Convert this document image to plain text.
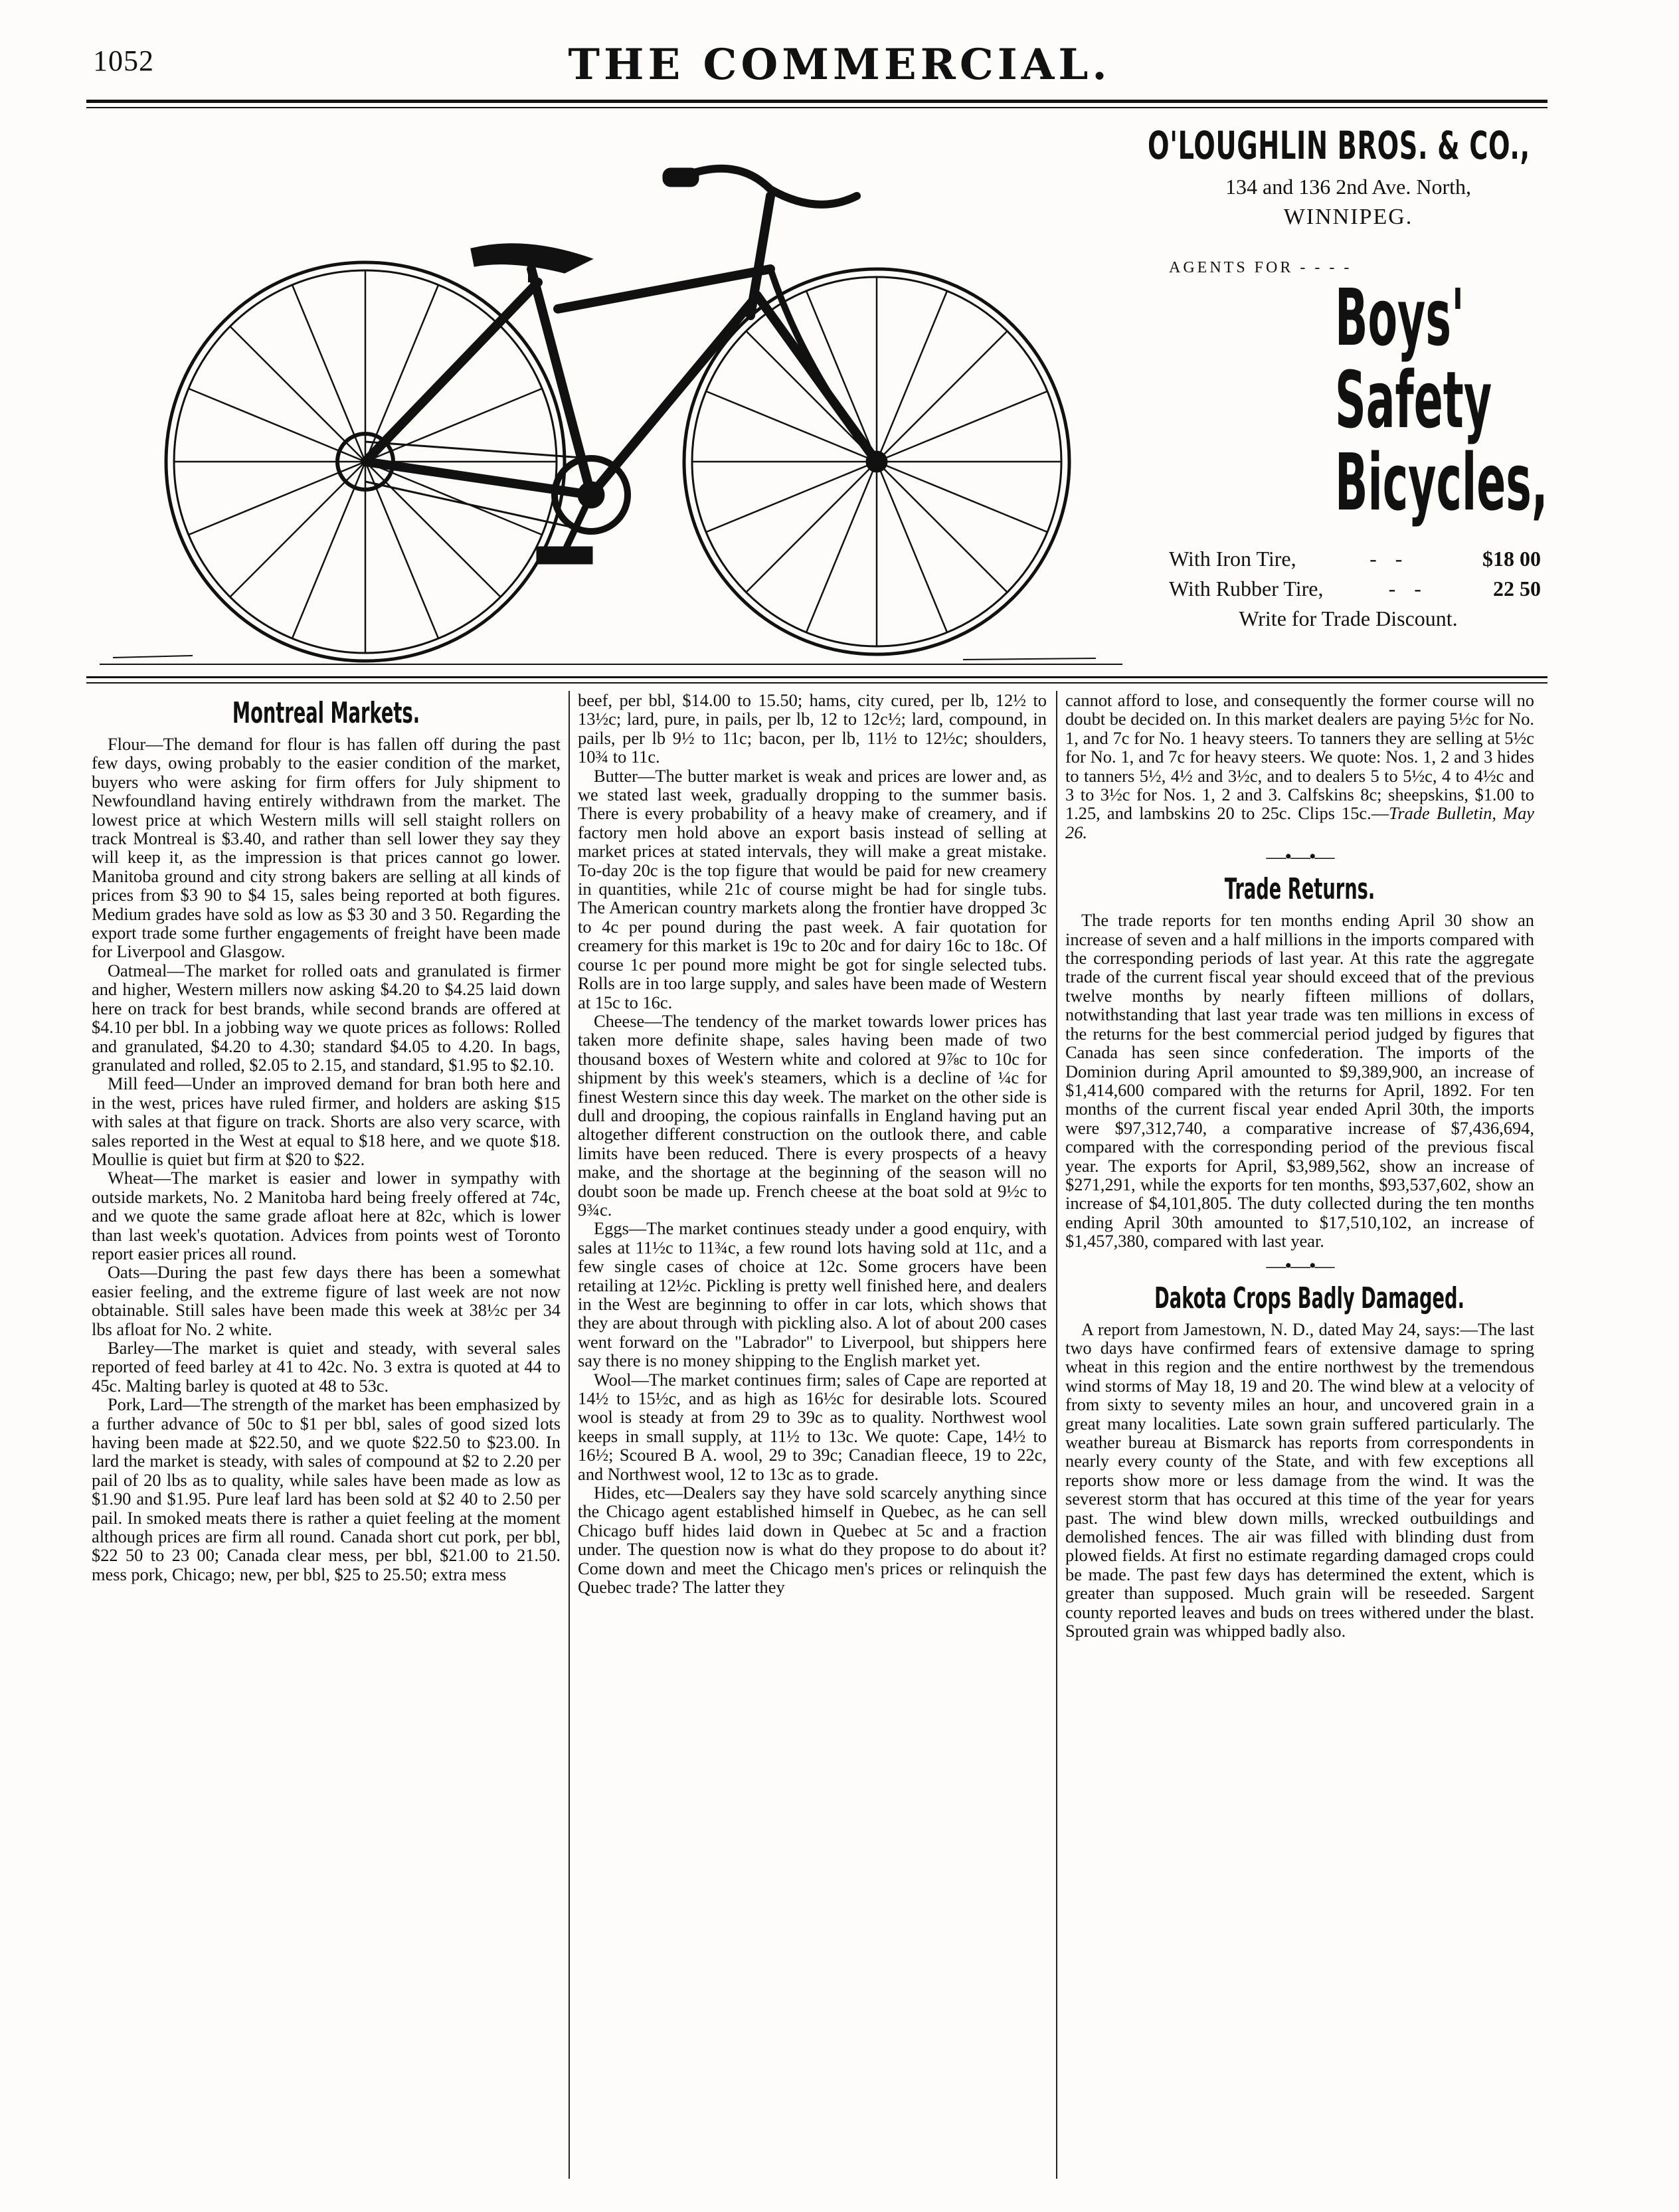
1052	THE COMMERCIAL.
O'LOUGHLIN BROS. & CO.,
134 and 136 2nd Ave. North,
WINNIPEG.
AGENTS FOR - - - -
Boys'
Safety
Bicycles,
With Iron Tire,	- -	$18 00
With Rubber Tire,	- -	22 50
Write for Trade Discount.
Montreal Markets.

Flour—The demand for flour is has fallen off during the past few days, owing probably to the easier condition of the market, buyers who were asking for firm offers for July shipment to Newfoundland having entirely withdrawn from the market. The lowest price at which Western mills will sell staight rollers on track Montreal is $3.40, and rather than sell lower they say they will keep it, as the impression is that prices cannot go lower. Manitoba ground and city strong bakers are selling at all kinds of prices from $3 90 to $4 15, sales being reported at both figures. Medium grades have sold as low as $3 30 and 3 50. Regarding the export trade some further engagements of freight have been made for Liverpool and Glasgow.

Oatmeal—The market for rolled oats and granulated is firmer and higher, Western millers now asking $4.20 to $4.25 laid down here on track for best brands, while second brands are offered at $4.10 per bbl. In a jobbing way we quote prices as follows: Rolled and granulated, $4.20 to 4.30; standard $4.05 to 4.20. In bags, granulated and rolled, $2.05 to 2.15, and standard, $1.95 to $2.10.

Mill feed—Under an improved demand for bran both here and in the west, prices have ruled firmer, and holders are asking $15 with sales at that figure on track. Shorts are also very scarce, with sales reported in the West at equal to $18 here, and we quote $18. Moullie is quiet but firm at $20 to $22.

Wheat—The market is easier and lower in sympathy with outside markets, No. 2 Manitoba hard being freely offered at 74c, and we quote the same grade afloat here at 82c, which is lower than last week's quotation. Advices from points west of Toronto report easier prices all round.

Oats—During the past few days there has been a somewhat easier feeling, and the extreme figure of last week are not now obtainable. Still sales have been made this week at 38½c per 34 lbs afloat for No. 2 white.

Barley—The market is quiet and steady, with several sales reported of feed barley at 41 to 42c. No. 3 extra is quoted at 44 to 45c. Malting barley is quoted at 48 to 53c.

Pork, Lard—The strength of the market has been emphasized by a further advance of 50c to $1 per bbl, sales of good sized lots having been made at $22.50, and we quote $22.50 to $23.00. In lard the market is steady, with sales of compound at $2 to 2.20 per pail of 20 lbs as to quality, while sales have been made as low as $1.90 and $1.95. Pure leaf lard has been sold at $2 40 to 2.50 per pail. In smoked meats there is rather a quiet feeling at the moment although prices are firm all round. Canada short cut pork, per bbl, $22 50 to 23 00; Canada clear mess, per bbl, $21.00 to 21.50. mess pork, Chicago; new, per bbl, $25 to 25.50; extra mess

beef, per bbl, $14.00 to 15.50; hams, city cured, per lb, 12½ to 13½c; lard, pure, in pails, per lb, 12 to 12c½; lard, compound, in pails, per lb 9½ to 11c; bacon, per lb, 11½ to 12½c; shoulders, 10¾ to 11c.

Butter—The butter market is weak and prices are lower and, as we stated last week, gradually dropping to the summer basis. There is every probability of a heavy make of creamery, and if factory men hold above an export basis instead of selling at market prices at stated intervals, they will make a great mistake. To-day 20c is the top figure that would be paid for new creamery in quantities, while 21c of course might be had for single tubs. The American country markets along the frontier have dropped 3c to 4c per pound during the past week. A fair quotation for creamery for this market is 19c to 20c and for dairy 16c to 18c. Of course 1c per pound more might be got for single selected tubs. Rolls are in too large supply, and sales have been made of Western at 15c to 16c.

Cheese—The tendency of the market towards lower prices has taken more definite shape, sales having been made of two thousand boxes of Western white and colored at 9⅞c to 10c for shipment by this week's steamers, which is a decline of ¼c for finest Western since this day week. The market on the other side is dull and drooping, the copious rainfalls in England having put an altogether different construction on the outlook there, and cable limits have been reduced. There is every prospects of a heavy make, and the shortage at the beginning of the season will no doubt soon be made up. French cheese at the boat sold at 9½c to 9¾c.

Eggs—The market continues steady under a good enquiry, with sales at 11½c to 11¾c, a few round lots having sold at 11c, and a few single cases of choice at 12c. Some grocers have been retailing at 12½c. Pickling is pretty well finished here, and dealers in the West are beginning to offer in car lots, which shows that they are about through with pickling also. A lot of about 200 cases went forward on the "Labrador" to Liverpool, but shippers here say there is no money shipping to the English market yet.

Wool—The market continues firm; sales of Cape are reported at 14½ to 15½c, and as high as 16½c for desirable lots. Scoured wool is steady at from 29 to 39c as to quality. Northwest wool keeps in small supply, at 11½ to 13c. We quote: Cape, 14½ to 16½; Scoured B A. wool, 29 to 39c; Canadian fleece, 19 to 22c, and Northwest wool, 12 to 13c as to grade.

Hides, etc—Dealers say they have sold scarcely anything since the Chicago agent established himself in Quebec, as he can sell Chicago buff hides laid down in Quebec at 5c and a fraction under. The question now is what do they propose to do about it? Come down and meet the Chicago men's prices or relinquish the Quebec trade? The latter they

cannot afford to lose, and consequently the former course will no doubt be decided on. In this market dealers are paying 5½c for No. 1, and 7c for No. 1 heavy steers. To tanners they are selling at 5½c for No. 1, and 7c for heavy steers. We quote: Nos. 1, 2 and 3 hides to tanners 5½, 4½ and 3½c, and to dealers 5 to 5½c, 4 to 4½c and 3 to 3½c for Nos. 1, 2 and 3. Calfskins 8c; sheepskins, $1.00 to 1.25, and lambskins 20 to 25c. Clips 15c.—Trade Bulletin, May 26.

—•—•—
Trade Returns.

The trade reports for ten months ending April 30 show an increase of seven and a half millions in the imports compared with the corresponding periods of last year. At this rate the aggregate trade of the current fiscal year should exceed that of the previous twelve months by nearly fifteen millions of dollars, notwithstanding that last year trade was ten millions in excess of the returns for the best commercial period judged by figures that Canada has seen since confederation. The imports of the Dominion during April amounted to $9,389,900, an increase of $1,414,600 compared with the returns for April, 1892. For ten months of the current fiscal year ended April 30th, the imports were $97,312,740, a comparative increase of $7,436,694, compared with the corresponding period of the previous fiscal year. The exports for April, $3,989,562, show an increase of $271,291, while the exports for ten months, $93,537,602, show an increase of $4,101,805. The duty collected during the ten months ending April 30th amounted to $17,510,102, an increase of $1,457,380, compared with last year.

—•—•—
Dakota Crops Badly Damaged.

A report from Jamestown, N. D., dated May 24, says:—The last two days have confirmed fears of extensive damage to spring wheat in this region and the entire northwest by the tremendous wind storms of May 18, 19 and 20. The wind blew at a velocity of from sixty to seventy miles an hour, and uncovered grain in a great many localities. Late sown grain suffered particularly. The weather bureau at Bismarck has reports from correspondents in nearly every county of the State, and with few exceptions all reports show more or less damage from the wind. It was the severest storm that has occured at this time of the year for years past. The wind blew down mills, wrecked outbuildings and demolished fences. The air was filled with blinding dust from plowed fields. At first no estimate regarding damaged crops could be made. The past few days has determined the extent, which is greater than supposed. Much grain will be reseeded. Sargent county reported leaves and buds on trees withered under the blast. Sprouted grain was whipped badly also.
